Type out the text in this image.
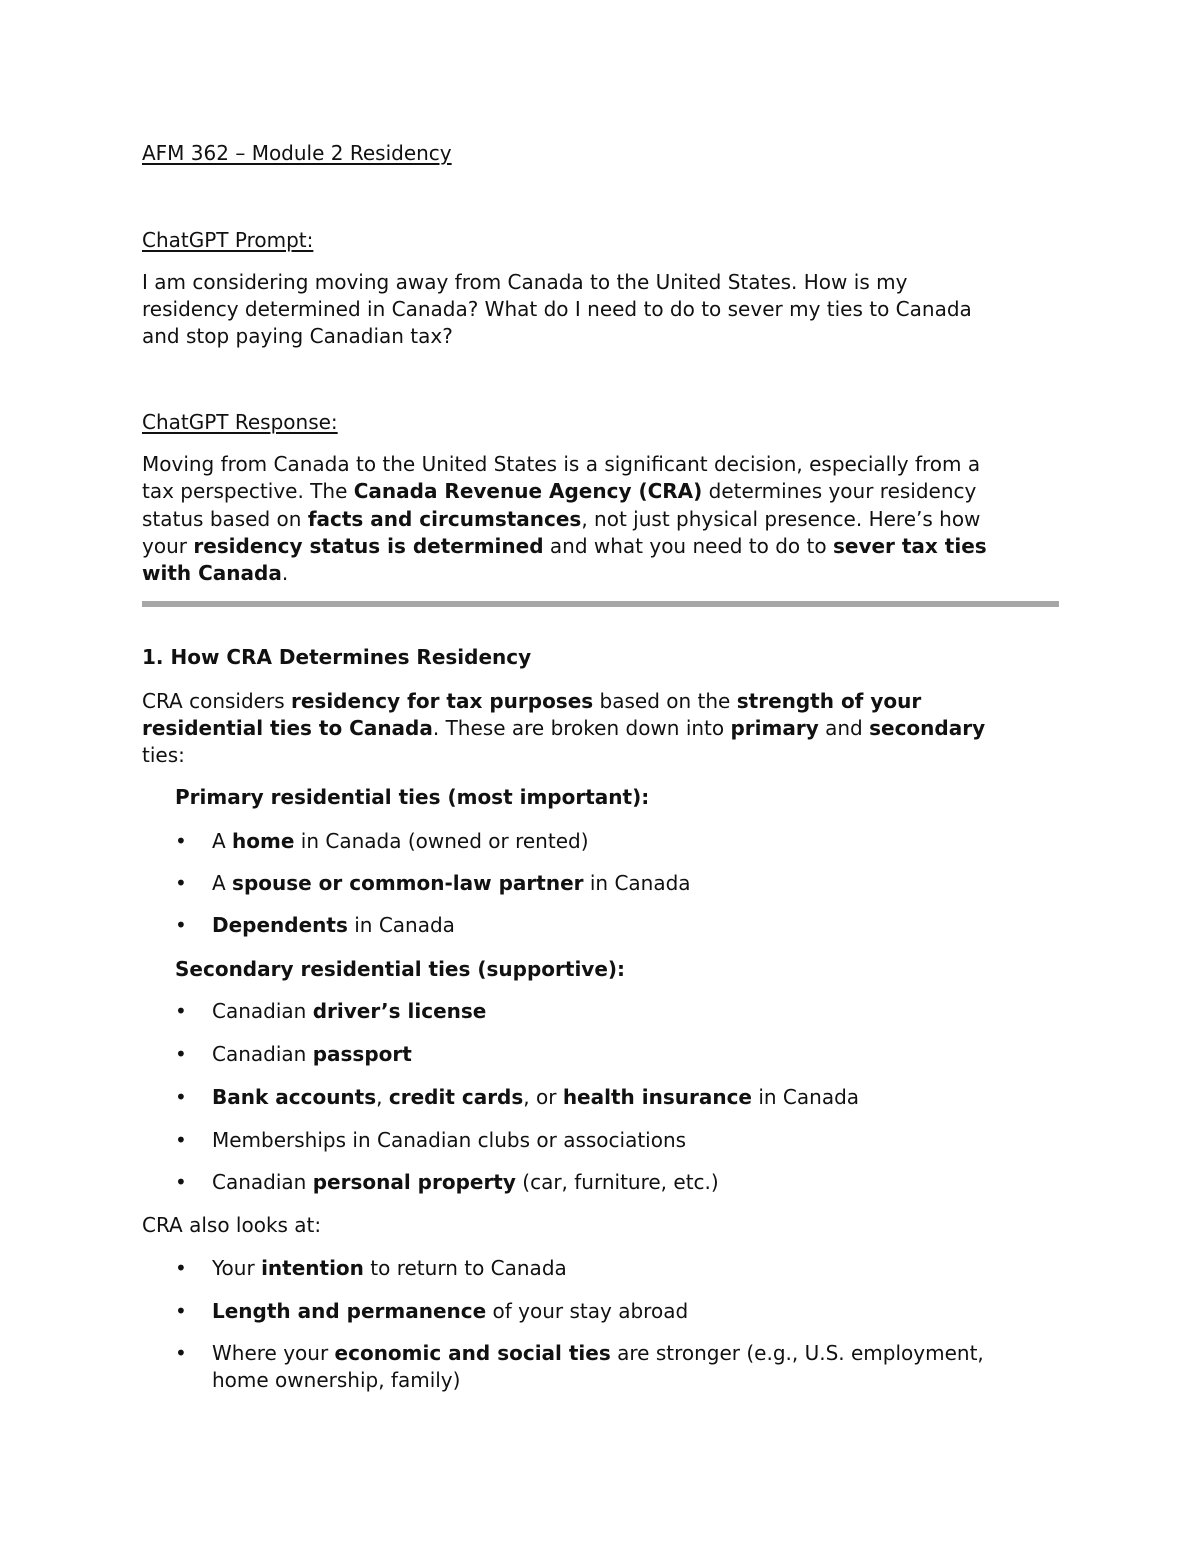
AFM 362 – Module 2 Residency
ChatGPT Prompt:
I am considering moving away from Canada to the United States. How is my
residency determined in Canada? What do I need to do to sever my ties to Canada
and stop paying Canadian tax?
ChatGPT Response:
Moving from Canada to the United States is a significant decision, especially from a
tax perspective. The Canada Revenue Agency (CRA) determines your residency
status based on facts and circumstances, not just physical presence. Here’s how
your residency status is determined and what you need to do to sever tax ties
with Canada.
1. How CRA Determines Residency
CRA considers residency for tax purposes based on the strength of your
residential ties to Canada. These are broken down into primary and secondary
ties:
Primary residential ties (most important):
• A home in Canada (owned or rented)
• A spouse or common-law partner in Canada
• Dependents in Canada
Secondary residential ties (supportive):
• Canadian driver’s license
• Canadian passport
• Bank accounts, credit cards, or health insurance in Canada
• Memberships in Canadian clubs or associations
• Canadian personal property (car, furniture, etc.)
CRA also looks at:
• Your intention to return to Canada
• Length and permanence of your stay abroad
• Where your economic and social ties are stronger (e.g., U.S. employment,
home ownership, family)
